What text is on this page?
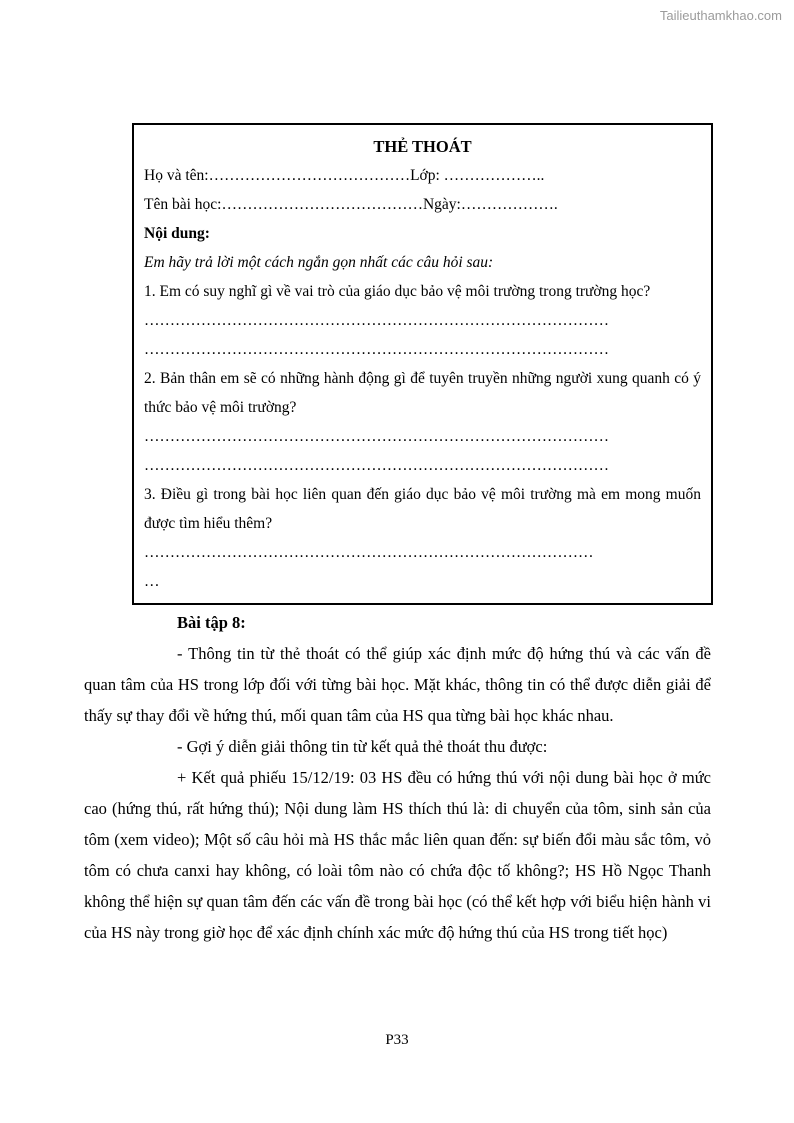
Tailieuthamkhao.com
THẺ THOÁT
Họ và tên:…………………………………Lớp: ………………..
Tên bài học:…………………………………Ngày:……………….
Nội dung:
Em hãy trả lời một cách ngắn gọn nhất các câu hỏi sau:
1. Em có suy nghĩ gì về vai trò của giáo dục bảo vệ môi trường trong trường học?
………………………………………………………………………………
………………………………………………………………………………
2. Bản thân em sẽ có những hành động gì để tuyên truyền những người xung quanh có ý thức bảo vệ môi trường?
………………………………………………………………………………
………………………………………………………………………………
3. Điều gì trong bài học liên quan đến giáo dục bảo vệ môi trường mà em mong muốn được tìm hiểu thêm?
……………………………………………………………………………
…
Bài tập 8:
- Thông tin từ thẻ thoát có thể giúp xác định mức độ hứng thú và các vấn đề quan tâm của HS trong lớp đối với từng bài học. Mặt khác, thông tin có thể được diễn giải để thấy sự thay đổi về hứng thú, mối quan tâm của HS qua từng bài học khác nhau.
- Gợi ý diễn giải thông tin từ kết quả thẻ thoát thu được:
+ Kết quả phiếu 15/12/19: 03 HS đều có hứng thú với nội dung bài học ở mức cao (hứng thú, rất hứng thú); Nội dung làm HS thích thú là: di chuyển của tôm, sinh sản của tôm (xem video); Một số câu hỏi mà HS thắc mắc liên quan đến: sự biến đổi màu sắc tôm, vỏ tôm có chưa canxi hay không, có loài tôm nào có chứa độc tố không?; HS Hồ Ngọc Thanh không thể hiện sự quan tâm đến các vấn đề trong bài học (có thể kết hợp với biểu hiện hành vi của HS này trong giờ học để xác định chính xác mức độ hứng thú của HS trong tiết học)
P33
